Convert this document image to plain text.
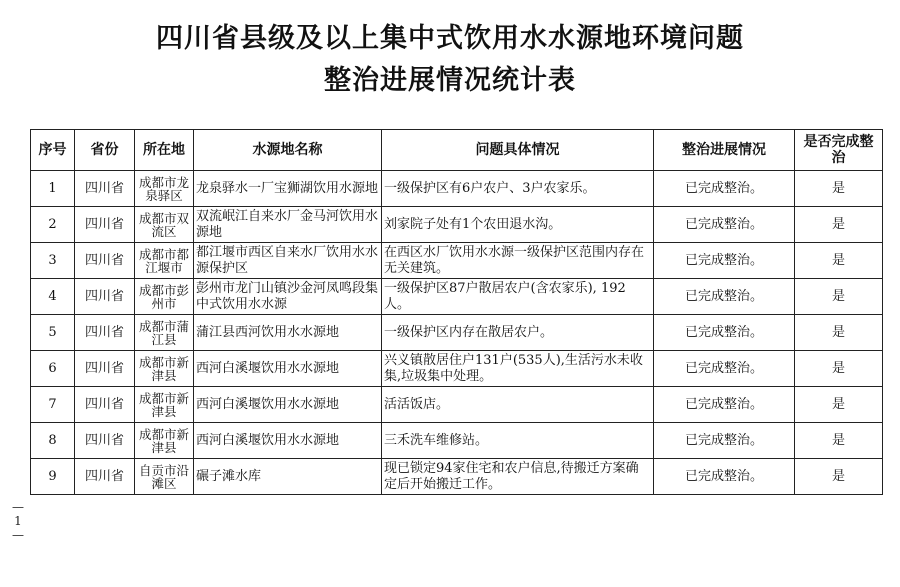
四川省县级及以上集中式饮用水水源地环境问题
整治进展情况统计表
序号	省份	所在地	水源地名称	问题具体情况	整治进展情况	是否完成整治
1	四川省	成都市龙泉驿区	龙泉驿水一厂宝狮湖饮用水源地	一级保护区有6户农户、3户农家乐。	已完成整治。	是
2	四川省	成都市双流区	双流岷江自来水厂金马河饮用水源地	刘家院子处有1个农田退水沟。	已完成整治。	是
3	四川省	成都市都江堰市	都江堰市西区自来水厂饮用水水源保护区	在西区水厂饮用水水源一级保护区范围内存在无关建筑。	已完成整治。	是
4	四川省	成都市彭州市	彭州市龙门山镇沙金河凤鸣段集中式饮用水水源	一级保护区87户散居农户(含农家乐), 192人。	已完成整治。	是
5	四川省	成都市蒲江县	蒲江县西河饮用水水源地	一级保护区内存在散居农户。	已完成整治。	是
6	四川省	成都市新津县	西河白溪堰饮用水水源地	兴义镇散居住户131户(535人),生活污水未收集,垃圾集中处理。	已完成整治。	是
7	四川省	成都市新津县	西河白溪堰饮用水水源地	活活饭店。	已完成整治。	是
8	四川省	成都市新津县	西河白溪堰饮用水水源地	三禾洗车维修站。	已完成整治。	是
9	四川省	自贡市沿滩区	碾子滩水库	现已锁定94家住宅和农户信息,待搬迁方案确定后开始搬迁工作。	已完成整治。	是
—1—
